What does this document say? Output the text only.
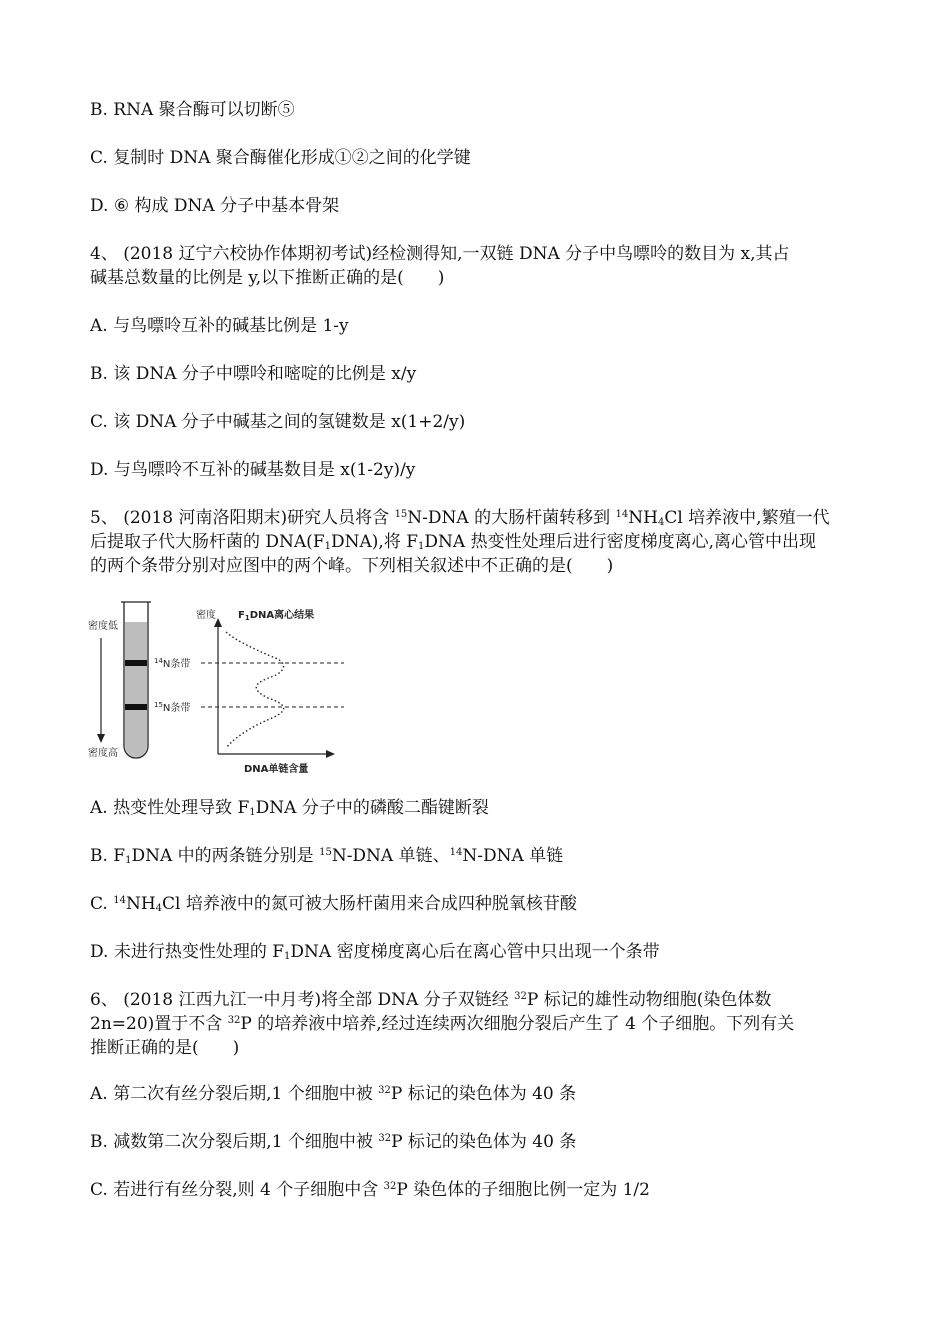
B. RNA 聚合酶可以切断⑤
C. 复制时 DNA 聚合酶催化形成①②之间的化学键
D. ⑥ 构成 DNA 分子中基本骨架

4、 (2018 辽宁六校协作体期初考试)经检测得知,一双链 DNA 分子中鸟嘌呤的数目为 x,其占

碱基总数量的比例是 y,以下推断正确的是(　　)

A. 与鸟嘌呤互补的碱基比例是 1-y
B. 该 DNA 分子中嘌呤和嘧啶的比例是 x/y
C. 该 DNA 分子中碱基之间的氢键数是 x(1+2/y)
D. 与鸟嘌呤不互补的碱基数目是 x(1-2y)/y

5、 (2018 河南洛阳期末)研究人员将含 $^{15}$N-DNA 的大肠杆菌转移到 $^{14}NH_4Cl$ 培养液中,繁殖一代

后提取子代大肠杆菌的 $DNA(F_1DNA)$,将 $F_1DNA$ 热变性处理后进行密度梯度离心,离心管中出现

的两个条带分别对应图中的两个峰。下列相关叙述中不正确的是(　　)

密度低
密度高
$^{14}$N条带
$^{15}$N条带
密度 $F_1DNA$离心结果
DNA单链含量
A. 热变性处理导致 $F_1DNA$ 分子中的磷酸二酯键断裂
B. $F_1DNA$ 中的两条链分别是 $^{15}$N-DNA 单链、$^{14}$N-DNA 单链
C. $^{14}NH_4Cl$ 培养液中的氮可被大肠杆菌用来合成四种脱氧核苷酸
D. 未进行热变性处理的 $F_1DNA$ 密度梯度离心后在离心管中只出现一个条带

6、 (2018 江西九江一中月考)将全部 DNA 分子双链经 $^{32}$P 标记的雄性动物细胞(染色体数

2n=20)置于不含 $^{32}$P 的培养液中培养,经过连续两次细胞分裂后产生了 4 个子细胞。下列有关

推断正确的是(　　)

A. 第二次有丝分裂后期,1 个细胞中被 $^{32}$P 标记的染色体为 40 条
B. 减数第二次分裂后期,1 个细胞中被 $^{32}$P 标记的染色体为 40 条
C. 若进行有丝分裂,则 4 个子细胞中含 $^{32}$P 染色体的子细胞比例一定为 1/2
